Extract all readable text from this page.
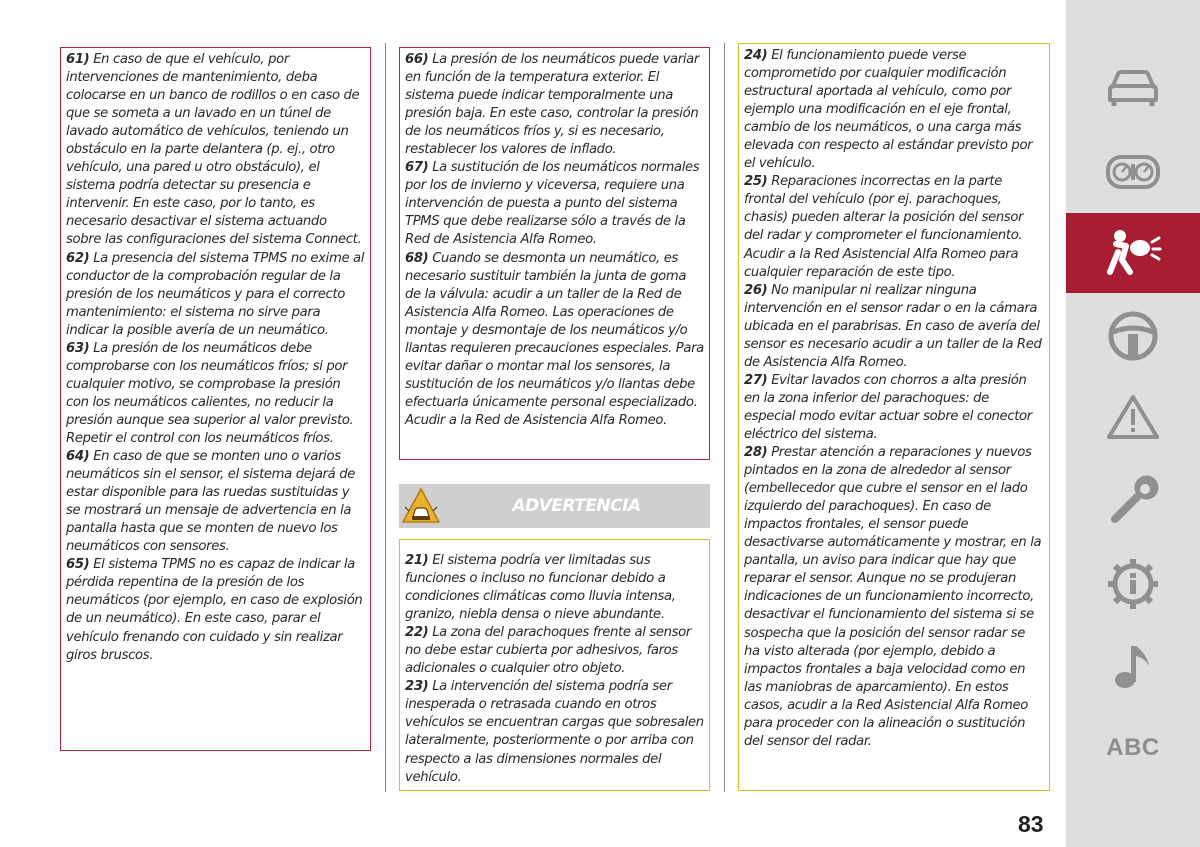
61) En caso de que el vehículo, por intervenciones de mantenimiento, deba colocarse en un banco de rodillos o en caso de que se someta a un lavado en un túnel de lavado automático de vehículos, teniendo un obstáculo en la parte delantera (p. ej., otro vehículo, una pared u otro obstáculo), el sistema podría detectar su presencia e intervenir. En este caso, por lo tanto, es necesario desactivar el sistema actuando sobre las configuraciones del sistema Connect.
62) La presencia del sistema TPMS no exime al conductor de la comprobación regular de la presión de los neumáticos y para el correcto mantenimiento: el sistema no sirve para indicar la posible avería de un neumático.
63) La presión de los neumáticos debe comprobarse con los neumáticos fríos; si por cualquier motivo, se comprobase la presión con los neumáticos calientes, no reducir la presión aunque sea superior al valor previsto. Repetir el control con los neumáticos fríos.
64) En caso de que se monten uno o varios neumáticos sin el sensor, el sistema dejará de estar disponible para las ruedas sustituidas y se mostrará un mensaje de advertencia en la pantalla hasta que se monten de nuevo los neumáticos con sensores.
65) El sistema TPMS no es capaz de indicar la pérdida repentina de la presión de los neumáticos (por ejemplo, en caso de explosión de un neumático). En este caso, parar el vehículo frenando con cuidado y sin realizar giros bruscos.
66) La presión de los neumáticos puede variar en función de la temperatura exterior. El sistema puede indicar temporalmente una presión baja. En este caso, controlar la presión de los neumáticos fríos y, si es necesario, restablecer los valores de inflado.
67) La sustitución de los neumáticos normales por los de invierno y viceversa, requiere una intervención de puesta a punto del sistema TPMS que debe realizarse sólo a través de la Red de Asistencia Alfa Romeo.
68) Cuando se desmonta un neumático, es necesario sustituir también la junta de goma de la válvula: acudir a un taller de la Red de Asistencia Alfa Romeo. Las operaciones de montaje y desmontaje de los neumáticos y/o llantas requieren precauciones especiales. Para evitar dañar o montar mal los sensores, la sustitución de los neumáticos y/o llantas debe efectuarla únicamente personal especializado. Acudir a la Red de Asistencia Alfa Romeo.
ADVERTENCIA
21) El sistema podría ver limitadas sus funciones o incluso no funcionar debido a condiciones climáticas como lluvia intensa, granizo, niebla densa o nieve abundante.
22) La zona del parachoques frente al sensor no debe estar cubierta por adhesivos, faros adicionales o cualquier otro objeto.
23) La intervención del sistema podría ser inesperada o retrasada cuando en otros vehículos se encuentran cargas que sobresalen lateralmente, posteriormente o por arriba con respecto a las dimensiones normales del vehículo.
24) El funcionamiento puede verse comprometido por cualquier modificación estructural aportada al vehículo, como por ejemplo una modificación en el eje frontal, cambio de los neumáticos, o una carga más elevada con respecto al estándar previsto por el vehículo.
25) Reparaciones incorrectas en la parte frontal del vehículo (por ej. parachoques, chasis) pueden alterar la posición del sensor del radar y comprometer el funcionamiento. Acudir a la Red Asistencial Alfa Romeo para cualquier reparación de este tipo.
26) No manipular ni realizar ninguna intervención en el sensor radar o en la cámara ubicada en el parabrisas. En caso de avería del sensor es necesario acudir a un taller de la Red de Asistencia Alfa Romeo.
27) Evitar lavados con chorros a alta presión en la zona inferior del parachoques: de especial modo evitar actuar sobre el conector eléctrico del sistema.
28) Prestar atención a reparaciones y nuevos pintados en la zona de alrededor al sensor (embellecedor que cubre el sensor en el lado izquierdo del parachoques). En caso de impactos frontales, el sensor puede desactivarse automáticamente y mostrar, en la pantalla, un aviso para indicar que hay que reparar el sensor. Aunque no se produjeran indicaciones de un funcionamiento incorrecto, desactivar el funcionamiento del sistema si se sospecha que la posición del sensor radar se ha visto alterada (por ejemplo, debido a impactos frontales a baja velocidad como en las maniobras de aparcamiento). En estos casos, acudir a la Red Asistencial Alfa Romeo para proceder con la alineación o sustitución del sensor del radar.	ABC
83
